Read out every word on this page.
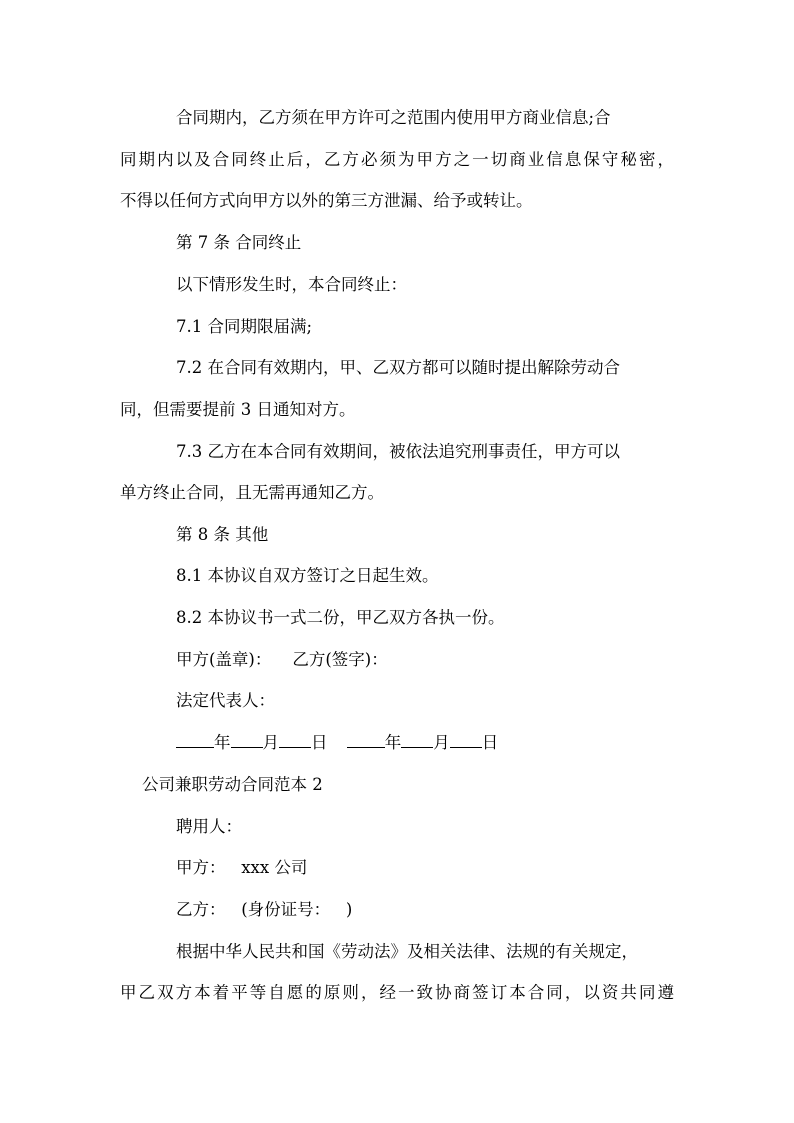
合同期内，乙方须在甲方许可之范围内使用甲方商业信息;合
同期内以及合同终止后，乙方必须为甲方之一切商业信息保守秘密，
不得以任何方式向甲方以外的第三方泄漏、给予或转让。
第 7 条 合同终止
以下情形发生时，本合同终止：
7.1 合同期限届满;
7.2 在合同有效期内，甲、乙双方都可以随时提出解除劳动合
同，但需要提前 3 日通知对方。
7.3 乙方在本合同有效期间，被依法追究刑事责任，甲方可以
单方终止合同，且无需再通知乙方。
第 8 条 其他
8.1 本协议自双方签订之日起生效。
8.2 本协议书一式二份，甲乙双方各执一份。
甲方(盖章)：    乙方(签字)：
法定代表人：
年 月 日	年 月 日
公司兼职劳动合同范本 2
聘用人：
甲方：   xxx 公司
乙方：   (身份证号：   )
根据中华人民共和国《劳动法》及相关法律、法规的有关规定，
甲乙双方本着平等自愿的原则，经一致协商签订本合同，以资共同遵
